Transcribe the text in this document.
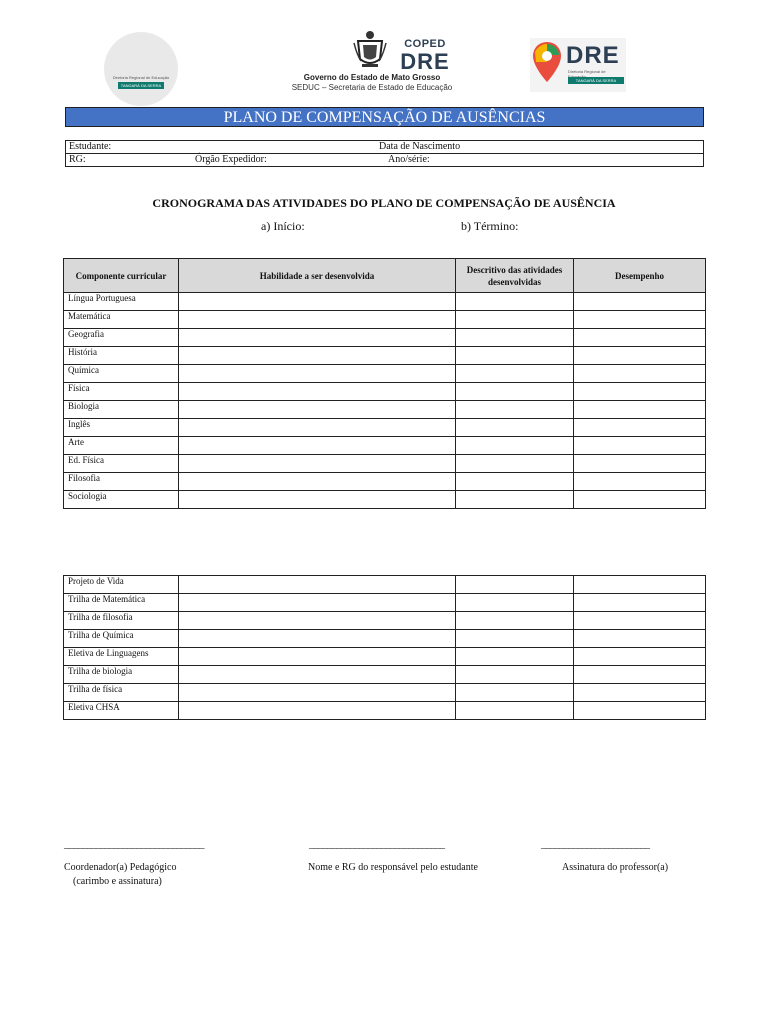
COPED
DRE
Diretoria Regional de Educação
TANGARÁ DA SERRA
Governo do Estado de Mato Grosso
SEDUC – Secretaria de Estado de Educação
DRE
Diretoria Regional de
TANGARÁ DA SERRA
PLANO DE COMPENSAÇÃO DE AUSÊNCIAS
Estudante:	Data de Nascimento
RG:	Órgão Expedidor:	Ano/série:
CRONOGRAMA DAS ATIVIDADES DO PLANO DE COMPENSAÇÃO DE AUSÊNCIA
a) Início:	b) Término:
Componente curricular	Habilidade a ser desenvolvida	Descritivo das atividades desenvolvidas	Desempenho
Língua Portuguesa			
Matemática			
Geografia			
História			
Química			
Física			
Biologia			
Inglês			
Arte			
Ed. Física			
Filosofia			
Sociologia			
Projeto de Vida			
Trilha de Matemática			
Trilha de filosofia			
Trilha de Química			
Eletiva de Linguagens			
Trilha de biologia			
Trilha de física			
Eletiva CHSA			
_______________________________	______________________________	________________________
Coordenador(a) Pedagógico
(carimbo e assinatura)
Nome e RG do responsável pelo estudante	Assinatura do professor(a)
